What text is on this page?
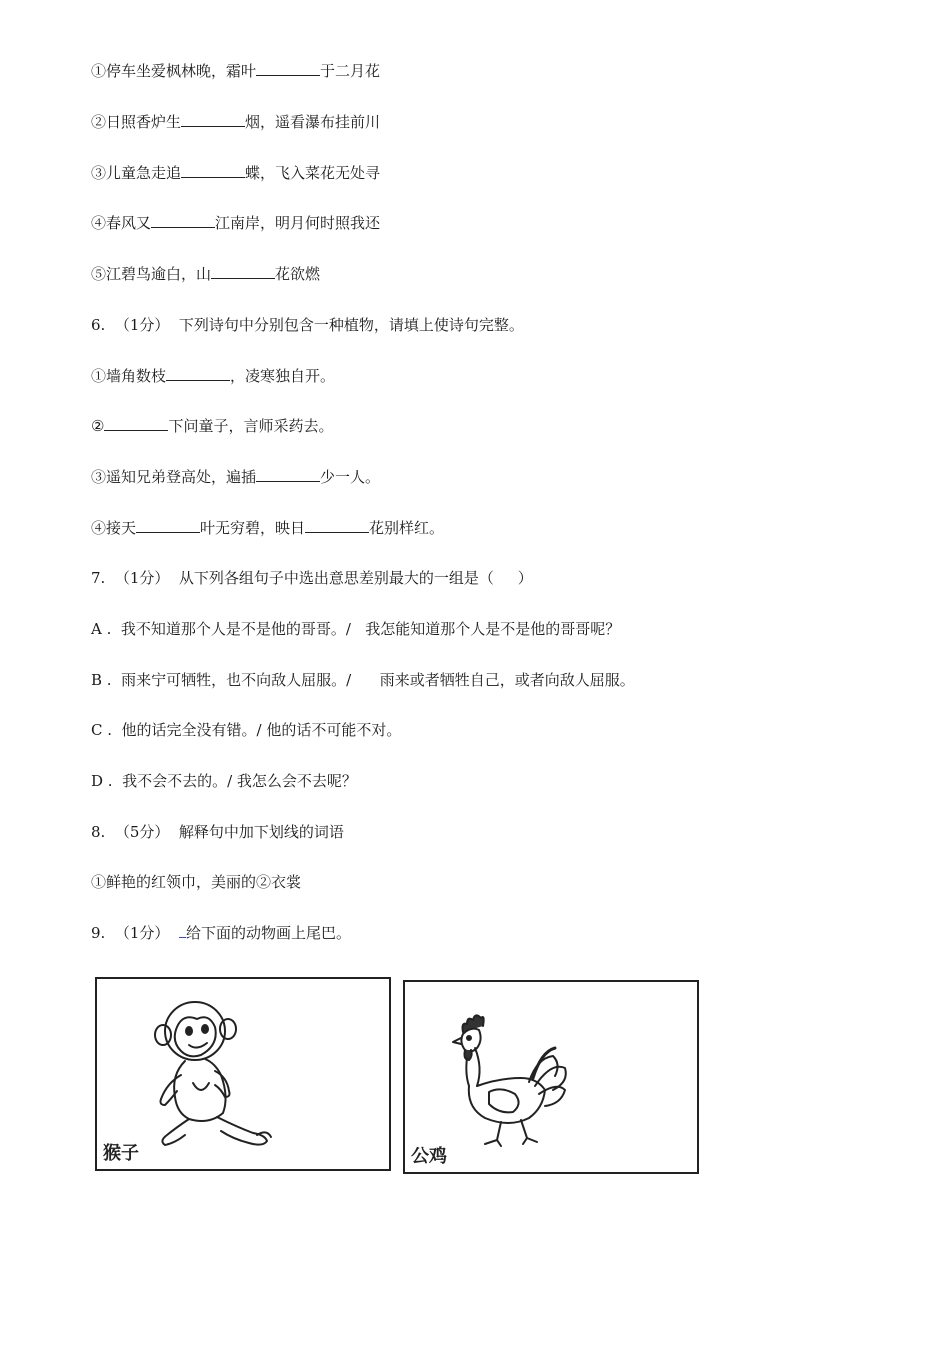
①停车坐爱枫林晚，霜叶	于二月花

②日照香炉生	烟，遥看瀑布挂前川

③儿童急走追	蝶，飞入菜花无处寻

④春风又	江南岸，明月何时照我还

⑤江碧鸟逾白，山	花欲燃

6.  （1分）  下列诗句中分别包含一种植物，请填上使诗句完整。

①墙角数枝	，凌寒独自开。

②	下问童子，言师采药去。

③遥知兄弟登高处，遍插	少一人。

④接天	叶无穷碧，映日	花别样红。

7.  （1分）  从下列各组句子中选出意思差别最大的一组是（     ）

A .  我不知道那个人是不是他的哥哥。/   我怎能知道那个人是不是他的哥哥呢？

B .  雨来宁可牺牲，也不向敌人屈服。/      雨来或者牺牲自己，或者向敌人屈服。

C .  他的话完全没有错。/ 他的话不可能不对。

D .  我不会不去的。/ 我怎么会不去呢？

8.  （5分）  解释句中加下划线的词语

①鲜艳的红领巾，美丽的②衣裳

9.  （1分）  给下面的动物画上尾巴。

猴子	公鸡
